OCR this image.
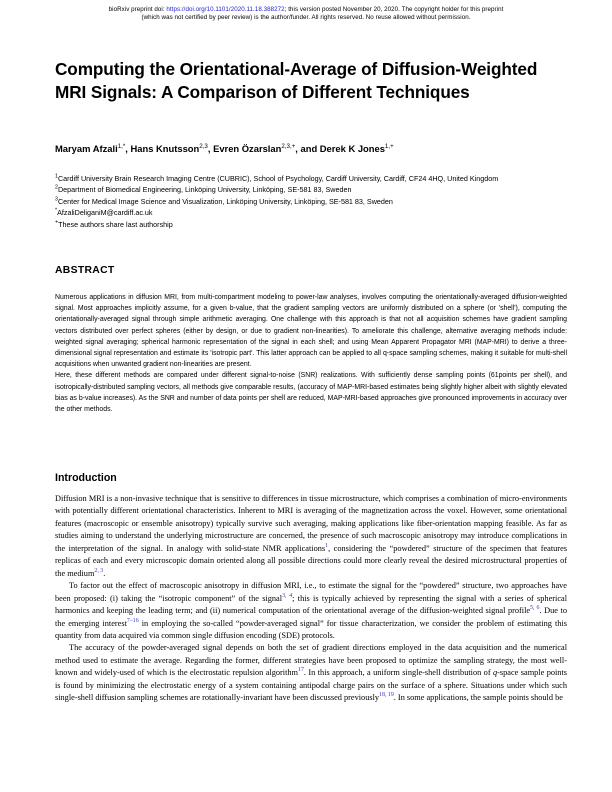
bioRxiv preprint doi: https://doi.org/10.1101/2020.11.18.388272; this version posted November 20, 2020. The copyright holder for this preprint
(which was not certified by peer review) is the author/funder. All rights reserved. No reuse allowed without permission.
Computing the Orientational-Average of Diffusion-Weighted MRI Signals: A Comparison of Different Techniques
Maryam Afzali$^{1,*}$, Hans Knutsson$^{2,3}$, Evren Özarslan$^{2,3,+}$, and Derek K Jones$^{1,+}$
$^1$Cardiff University Brain Research Imaging Centre (CUBRIC), School of Psychology, Cardiff University, Cardiff, CF24 4HQ, United Kingdom
$^2$Department of Biomedical Engineering, Linköping University, Linköping, SE-581 83, Sweden
$^3$Center for Medical Image Science and Visualization, Linköping University, Linköping, SE-581 83, Sweden
*AfzaliDeliganiM@cardiff.ac.uk
+These authors share last authorship
ABSTRACT

Numerous applications in diffusion MRI, from multi-compartment modeling to power-law analyses, involves computing the orientationally-averaged diffusion-weighted signal. Most approaches implicitly assume, for a given b-value, that the gradient sampling vectors are uniformly distributed on a sphere (or 'shell'), computing the orientationally-averaged signal through simple arithmetic averaging. One challenge with this approach is that not all acquisition schemes have gradient sampling vectors distributed over perfect spheres (either by design, or due to gradient non-linearities). To ameliorate this challenge, alternative averaging methods include: weighted signal averaging; spherical harmonic representation of the signal in each shell; and using Mean Apparent Propagator MRI (MAP-MRI) to derive a three-dimensional signal representation and estimate its 'isotropic part'. This latter approach can be applied to all q-space sampling schemes, making it suitable for multi-shell acquisitions when unwanted gradient non-linearities are present.

Here, these different methods are compared under different signal-to-noise (SNR) realizations. With sufficiently dense sampling points (61points per shell), and isotropically-distributed sampling vectors, all methods give comparable results, (accuracy of MAP-MRI-based estimates being slightly higher albeit with slightly elevated bias as b-value increases). As the SNR and number of data points per shell are reduced, MAP-MRI-based approaches give pronounced improvements in accuracy over the other methods.

Introduction

Diffusion MRI is a non-invasive technique that is sensitive to differences in tissue microstructure, which comprises a combination of micro-environments with potentially different orientational characteristics. Inherent to MRI is averaging of the magnetization across the voxel. However, some orientational features (macroscopic or ensemble anisotropy) typically survive such averaging, making applications like fiber-orientation mapping feasible. As far as studies aiming to understand the underlying microstructure are concerned, the presence of such macroscopic anisotropy may introduce complications in the interpretation of the signal. In analogy with solid-state NMR applications$^1$, considering the “powdered” structure of the specimen that features replicas of each and every microscopic domain oriented along all possible directions could more clearly reveal the desired microstructural properties of the medium$^{2, 3}$.

To factor out the effect of macroscopic anisotropy in diffusion MRI, i.e., to estimate the signal for the “powdered” structure, two approaches have been proposed: (i) taking the “isotropic component” of the signal$^{3, 4}$; this is typically achieved by representing the signal with a series of spherical harmonics and keeping the leading term; and (ii) numerical computation of the orientational average of the diffusion-weighted signal profile$^{5, 6}$. Due to the emerging interest$^{7-16}$ in employing the so-called “powder-averaged signal” for tissue characterization, we consider the problem of estimating this quantity from data acquired via common single diffusion encoding (SDE) protocols.

The accuracy of the powder-averaged signal depends on both the set of gradient directions employed in the data acquisition and the numerical method used to estimate the average. Regarding the former, different strategies have been proposed to optimize the sampling strategy, the most well-known and widely-used of which is the electrostatic repulsion algorithm$^{17}$. In this approach, a uniform single-shell distribution of q-space sample points is found by minimizing the electrostatic energy of a system containing antipodal charge pairs on the surface of a sphere. Situations under which such single-shell diffusion sampling schemes are rotationally-invariant have been discussed previously$^{18, 19}$. In some applications, the sample points should be
